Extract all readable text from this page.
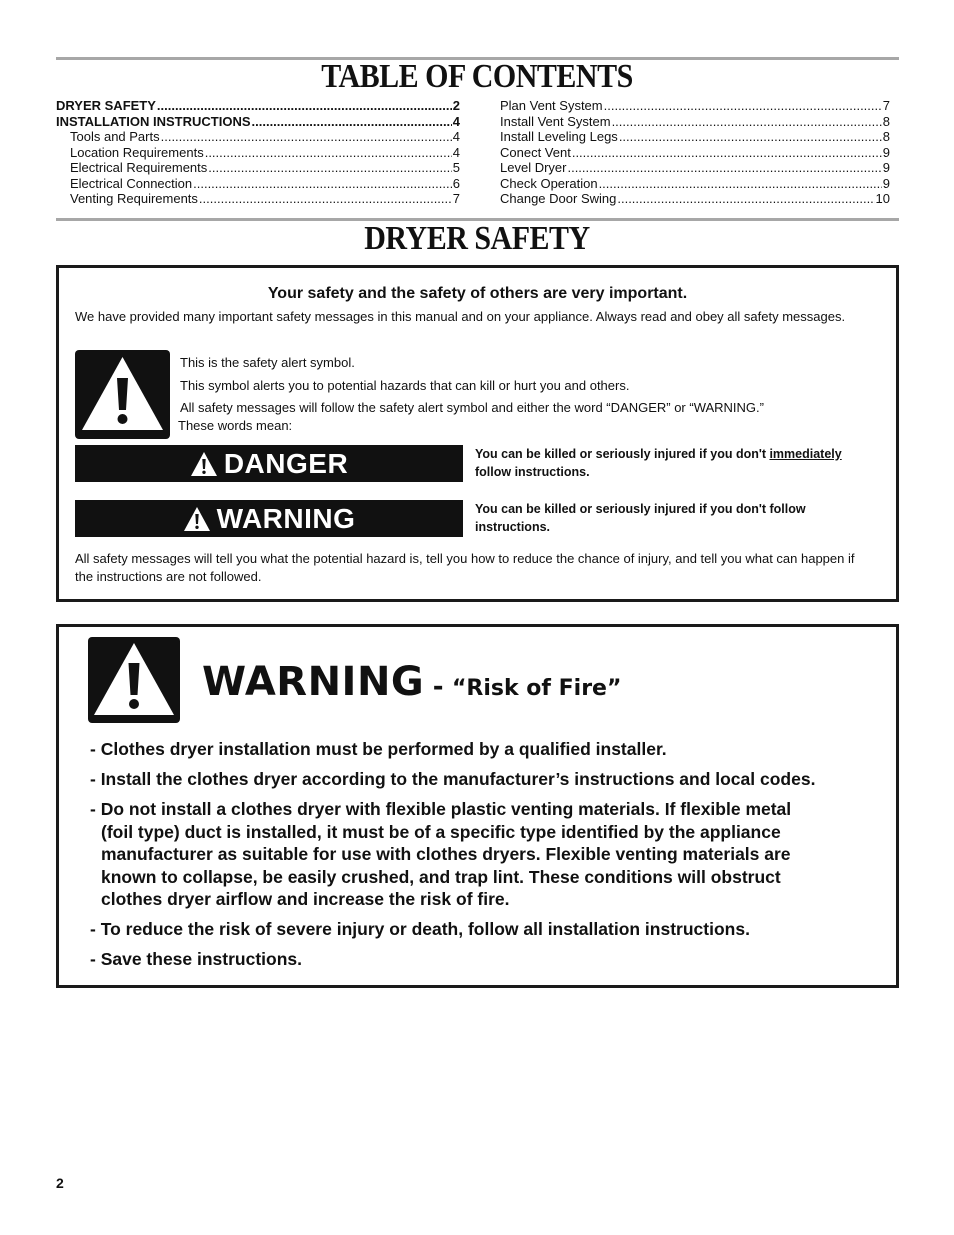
TABLE OF CONTENTS
DRYER SAFETY .....	2
INSTALLATION INSTRUCTIONS .....	4
Tools and Parts .....	4
Location Requirements .....	4
Electrical Requirements .....	5
Electrical Connection .....	6
Venting Requirements .....	7
Plan Vent System .....	7
Install Vent System .....	8
Install Leveling Legs .....	8
Conect Vent .....	9
Level Dryer .....	9
Check Operation .....	9
Change Door Swing .....	10
DRYER SAFETY
Your safety and the safety of others are very important.
We have provided many important safety messages in this manual and on your appliance. Always read and obey all safety messages.
This is the safety alert symbol.
This symbol alerts you to potential hazards that can kill or hurt you and others.
All safety messages will follow the safety alert symbol and either the word “DANGER” or “WARNING.”
These words mean:
DANGER	You can be killed or seriously injured if you don't immediately
follow instructions.
WARNING	You can be killed or seriously injured if you don't follow instructions.
All safety messages will tell you what the potential hazard is, tell you how to reduce the chance of injury, and tell you what can happen if the instructions are not followed.
WARNING - “Risk of Fire”
- Clothes dryer installation must be performed by a qualified installer.
- Install the clothes dryer according to the manufacturer’s instructions and local codes.
- Do not install a clothes dryer with flexible plastic venting materials. If flexible metal
(foil type) duct is installed, it must be of a specific type identified by the appliance
manufacturer as suitable for use with clothes dryers. Flexible venting materials are
known to collapse, be easily crushed, and trap lint. These conditions will obstruct
clothes dryer airflow and increase the risk of fire.
- To reduce the risk of severe injury or death, follow all installation instructions.
- Save these instructions.
2
